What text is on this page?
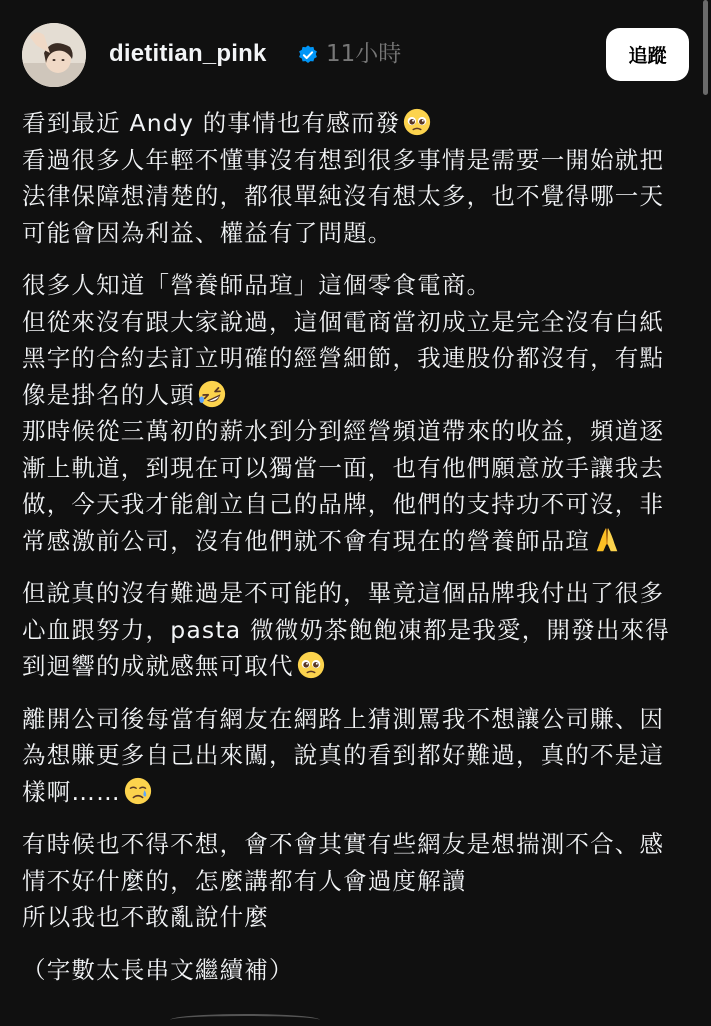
dietitian_pink	11小時	追蹤

看到最近 Andy 的事情也有感而發

看過很多人年輕不懂事沒有想到很多事情是需要一開始就把

法律保障想清楚的，都很單純沒有想太多，也不覺得哪一天

可能會因為利益、權益有了問題。

很多人知道「營養師品瑄」這個零食電商。

但從來沒有跟大家說過，這個電商當初成立是完全沒有白紙

黑字的合約去訂立明確的經營細節，我連股份都沒有，有點

像是掛名的人頭

那時候從三萬初的薪水到分到經營頻道帶來的收益，頻道逐

漸上軌道，到現在可以獨當一面，也有他們願意放手讓我去

做，今天我才能創立自己的品牌，他們的支持功不可沒，非

常感激前公司，沒有他們就不會有現在的營養師品瑄

但說真的沒有難過是不可能的，畢竟這個品牌我付出了很多

心血跟努力，pasta 微微奶茶飽飽凍都是我愛，開發出來得

到迴響的成就感無可取代

離開公司後每當有網友在網路上猜測罵我不想讓公司賺、因

為想賺更多自己出來闖，說真的看到都好難過，真的不是這

樣啊……

有時候也不得不想，會不會其實有些網友是想揣測不合、感

情不好什麼的，怎麼講都有人會過度解讀

所以我也不敢亂說什麼

（字數太長串文繼續補）
